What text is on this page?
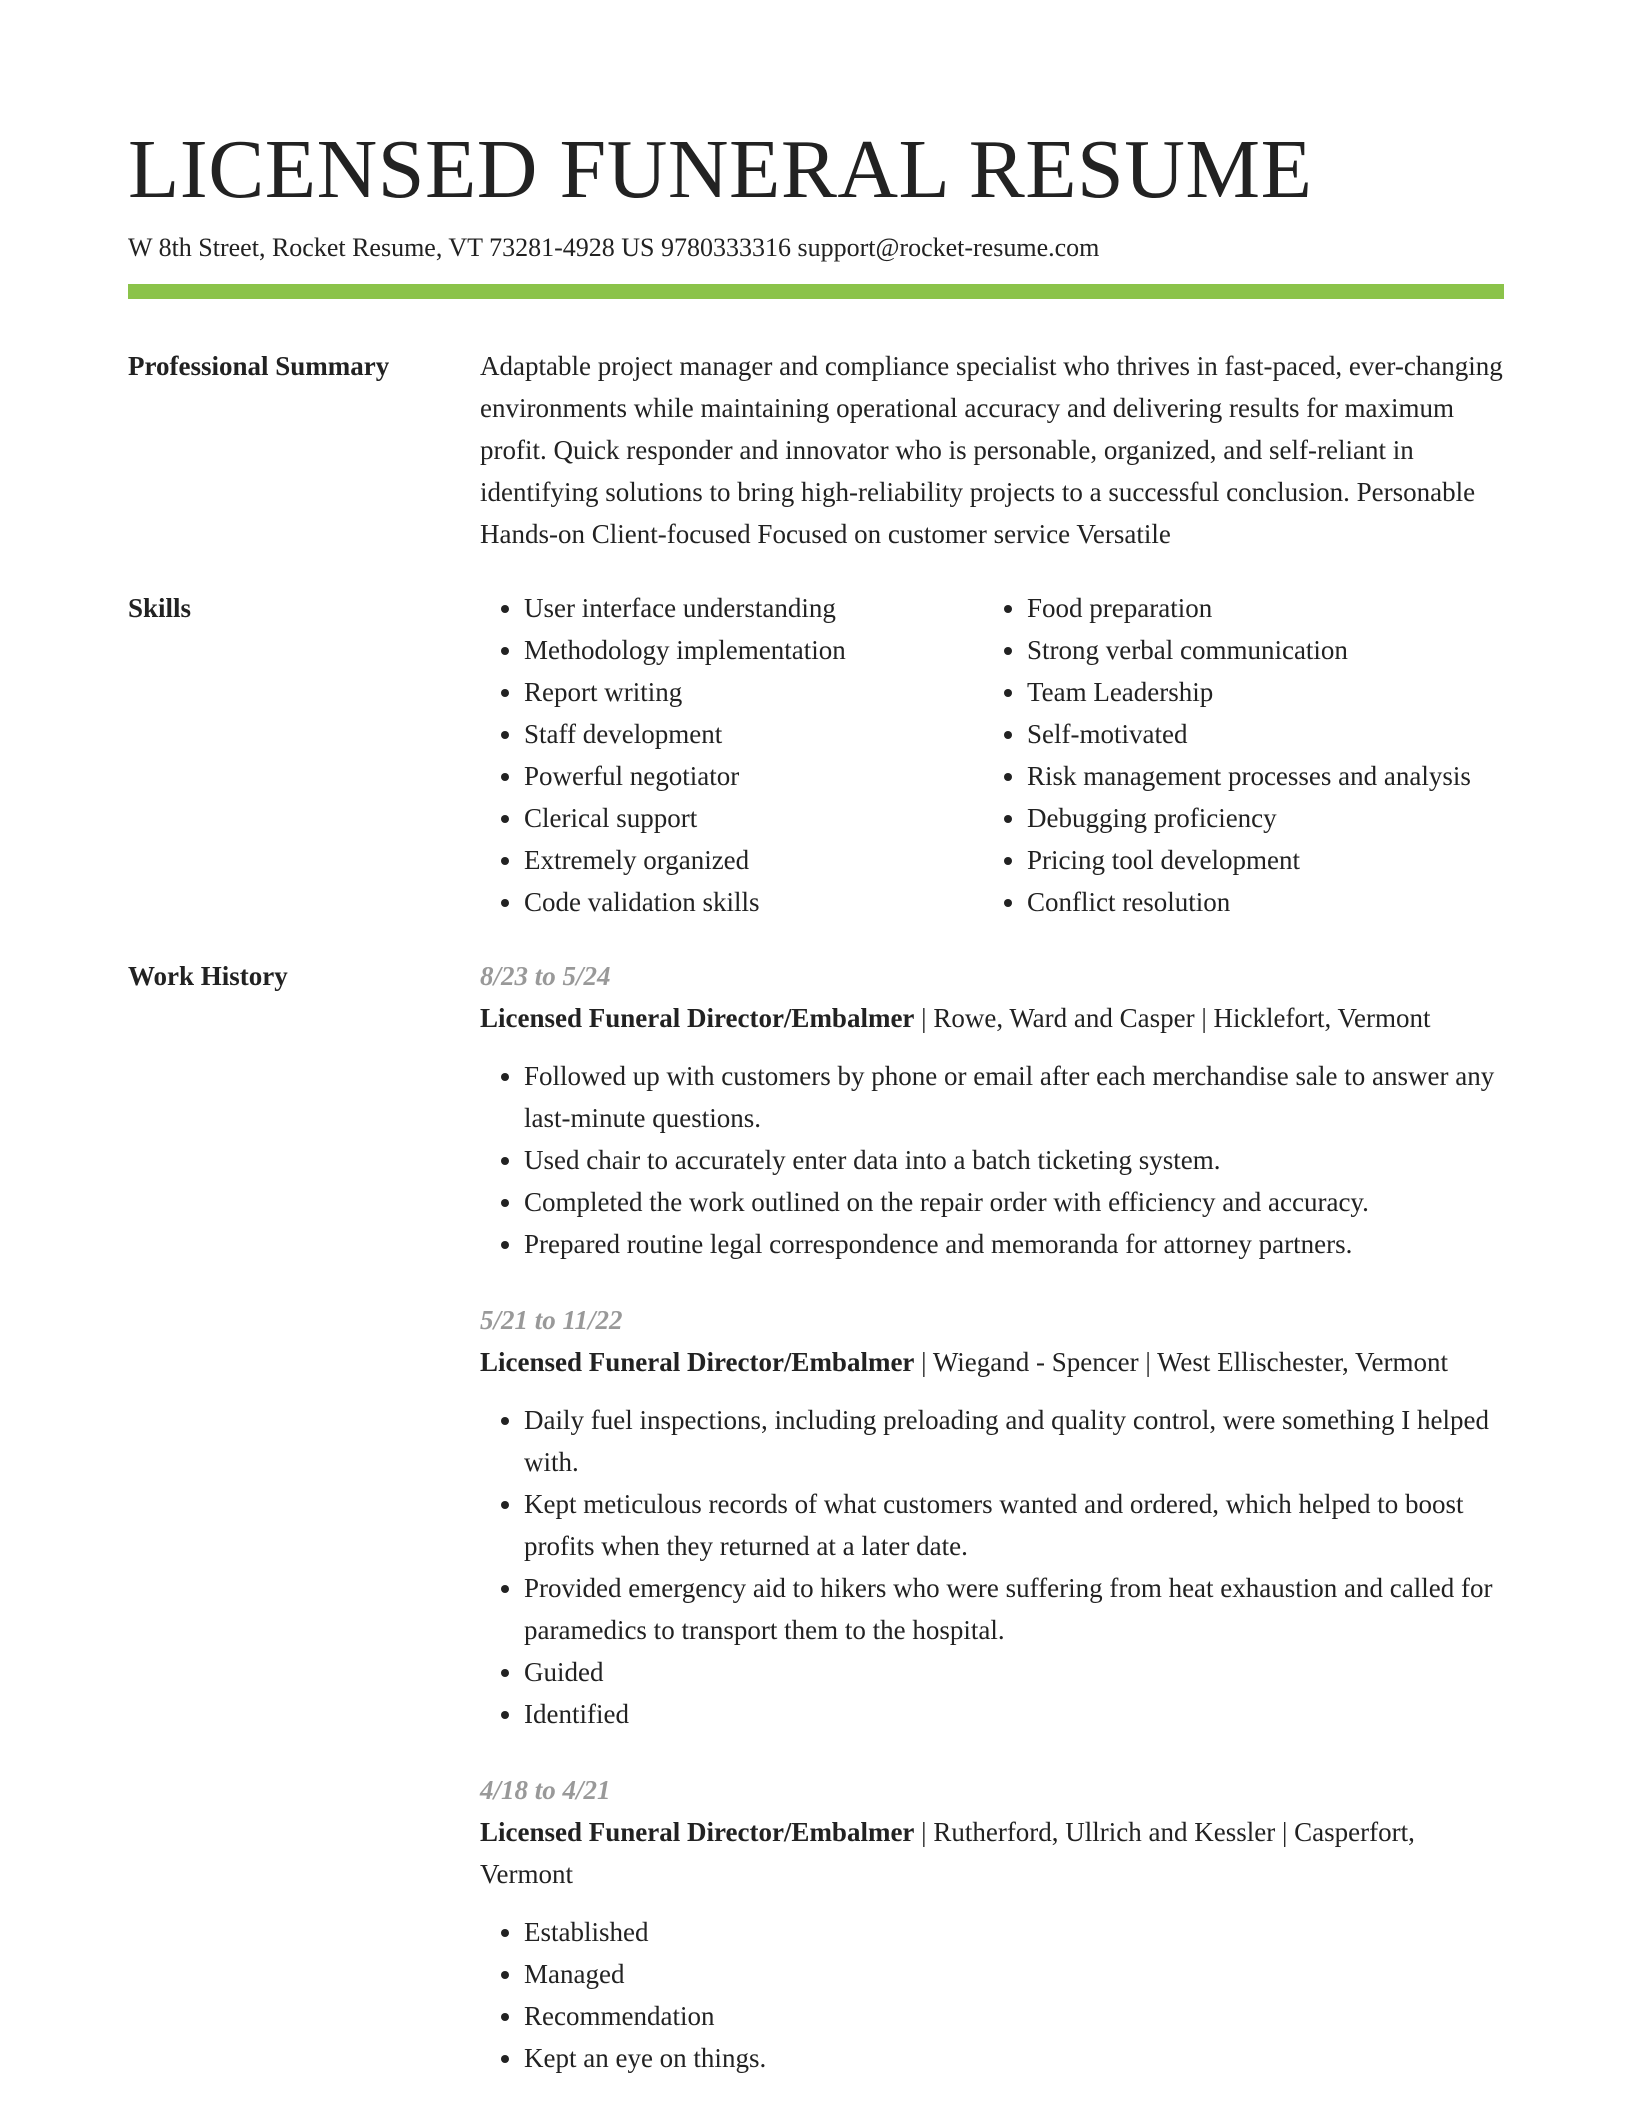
LICENSED FUNERAL RESUME
W 8th Street, Rocket Resume, VT 73281-4928 US 9780333316 support@rocket-resume.com
Professional Summary	Adaptable project manager and compliance specialist who thrives in fast-paced, ever-changing environments while maintaining operational accuracy and delivering results for maximum profit. Quick responder and innovator who is personable, organized, and self-reliant in identifying solutions to bring high-reliability projects to a successful conclusion. Personable Hands-on Client-focused Focused on customer service Versatile

Skills
•	User interface understanding
• Methodology implementation
• Report writing
• Staff development
• Powerful negotiator
• Clerical support
• Extremely organized
• Code validation skills
• Food preparation
• Strong verbal communication
• Team Leadership
• Self-motivated
• Risk management processes and analysis
• Debugging proficiency
• Pricing tool development
• Conflict resolution
Work History	8/23 to 5/24
Licensed Funeral Director/Embalmer | Rowe, Ward and Casper | Hicklefort, Vermont
• Followed up with customers by phone or email after each merchandise sale to answer any last-minute questions.
• Used chair to accurately enter data into a batch ticketing system.
• Completed the work outlined on the repair order with efficiency and accuracy.
• Prepared routine legal correspondence and memoranda for attorney partners.
5/21 to 11/22
Licensed Funeral Director/Embalmer | Wiegand - Spencer | West Ellischester, Vermont
• Daily fuel inspections, including preloading and quality control, were something I helped with.
• Kept meticulous records of what customers wanted and ordered, which helped to boost profits when they returned at a later date.
• Provided emergency aid to hikers who were suffering from heat exhaustion and called for paramedics to transport them to the hospital.
• Guided
• Identified
4/18 to 4/21
Licensed Funeral Director/Embalmer | Rutherford, Ullrich and Kessler | Casperfort, Vermont
• Established
• Managed
• Recommendation
• Kept an eye on things.
